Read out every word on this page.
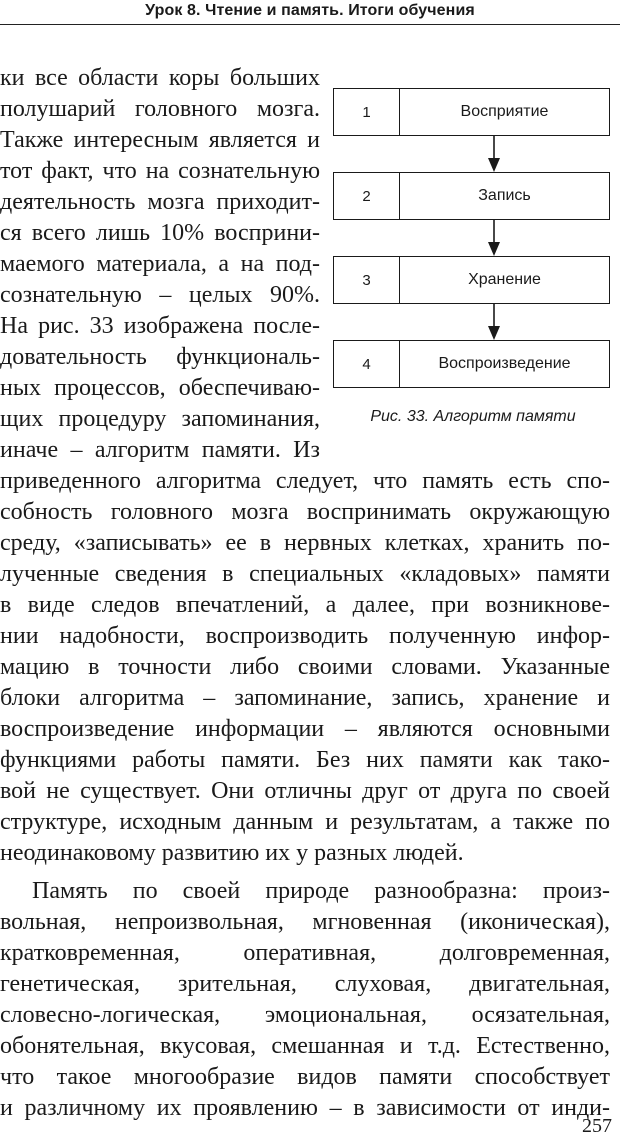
Урок 8. Чтение и память. Итоги обучения
ки все области коры больших
полушарий головного мозга.
Также интересным является и
тот факт, что на сознательную
деятельность мозга приходит-
ся всего лишь 10% восприни-
маемого материала, а на под-
сознательную – целых 90%.
На рис. 33 изображена после-
довательность функциональ-
ных процессов, обеспечиваю-
щих процедуру запоминания,
иначе – алгоритм памяти. Из
приведенного алгоритма следует, что память есть спо-
собность головного мозга воспринимать окружающую
среду, «записывать» ее в нервных клетках, хранить по-
лученные сведения в специальных «кладовых» памяти
в виде следов впечатлений, а далее, при возникнове-
нии надобности, воспроизводить полученную инфор-
мацию в точности либо своими словами. Указанные
блоки алгоритма – запоминание, запись, хранение и
воспроизведение информации – являются основными
функциями работы памяти. Без них памяти как тако-
вой не существует. Они отличны друг от друга по своей
структуре, исходным данным и результатам, а также по
неодинаковому развитию их у разных людей.
Память по своей природе разнообразна: произ-
вольная, непроизвольная, мгновенная (иконическая),
кратковременная, оперативная, долговременная,
генетическая, зрительная, слуховая, двигательная,
словесно-логическая, эмоциональная, осязательная,
обонятельная, вкусовая, смешанная и т.д. Естественно,
что такое многообразие видов памяти способствует
и различному их проявлению – в зависимости от инди-
1	Восприятие
2	Запись
3	Хранение
4	Воспроизведение
Рис. 33. Алгоритм памяти
257
